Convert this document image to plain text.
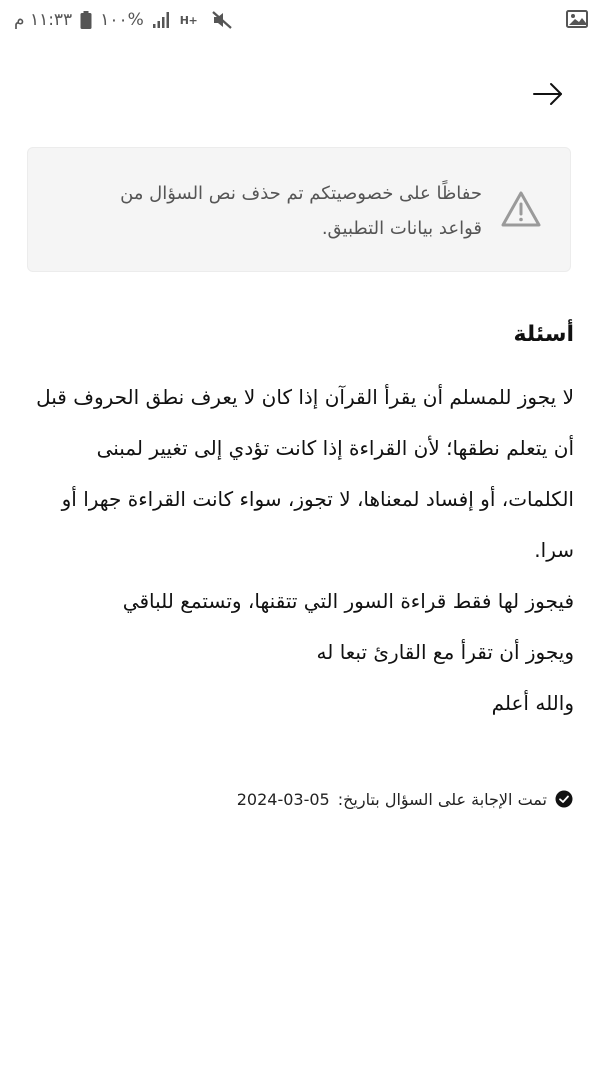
١١:٣٣ م ١٠٠%	H+
حفاظًا على خصوصيتكم تم حذف نص السؤال من قواعد بيانات التطبيق.
أسئلة

لا يجوز للمسلم أن يقرأ القرآن إذا كان لا يعرف نطق الحروف قبل أن يتعلم نطقها؛ لأن القراءة إذا كانت تؤدي إلى تغيير لمبنى الكلمات، أو إفساد لمعناها، لا تجوز، سواء كانت القراءة جهرا أو سرا.

فيجوز لها فقط قراءة السور التي تتقنها، وتستمع للباقي

ويجوز أن تقرأ مع القارئ تبعا له

والله أعلم

تمت الإجابة على السؤال بتاريخ:
2024-03-05
